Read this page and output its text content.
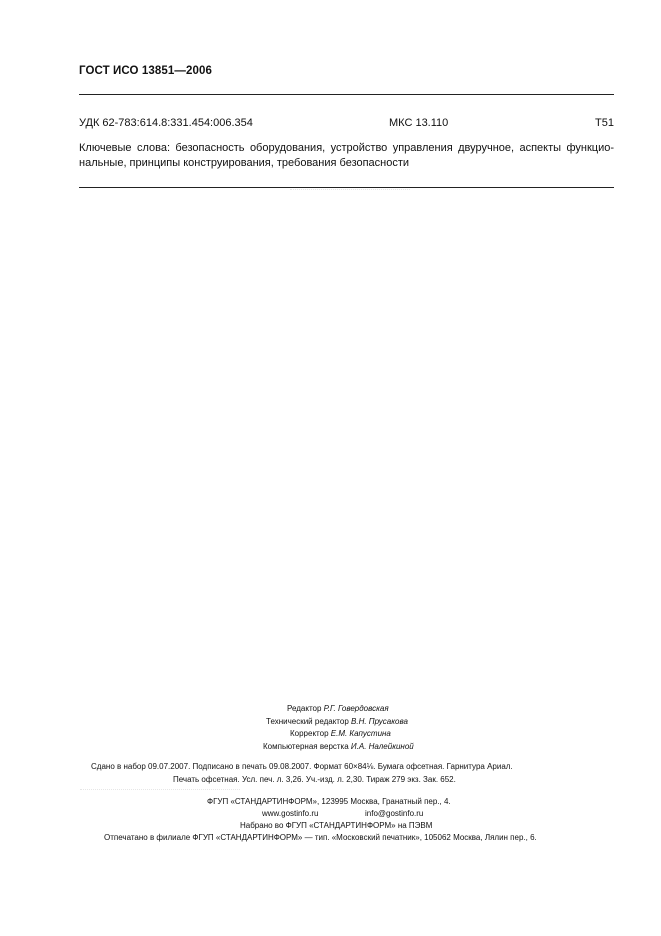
ГОСТ ИСО 13851—2006
УДК 62-783:614.8:331.454:006.354	МКС 13.110	Т51
Ключевые слова: безопасность оборудования, устройство управления двуручное, аспекты функцио-
нальные, принципы конструирования, требования безопасности
Редактор Р.Г. Говердовская
Технический редактор В.Н. Прусакова
Корректор Е.М. Капустина
Компьютерная верстка И.А. Налейкиной
Сдано в набор 09.07.2007. Подписано в печать 09.08.2007. Формат 60×84⅛. Бумага офсетная. Гарнитура Ариал.
Печать офсетная. Усл. печ. л. 3,26. Уч.-изд. л. 2,30. Тираж 279 экз. Зак. 652.
ФГУП «СТАНДАРТИНФОРМ», 123995 Москва, Гранатный пер., 4.
www.gostinfo.ru	info@gostinfo.ru
Набрано во ФГУП «СТАНДАРТИНФОРМ» на ПЭВМ
Отпечатано в филиале ФГУП «СТАНДАРТИНФОРМ» — тип. «Московский печатник», 105062 Москва, Лялин пер., 6.
